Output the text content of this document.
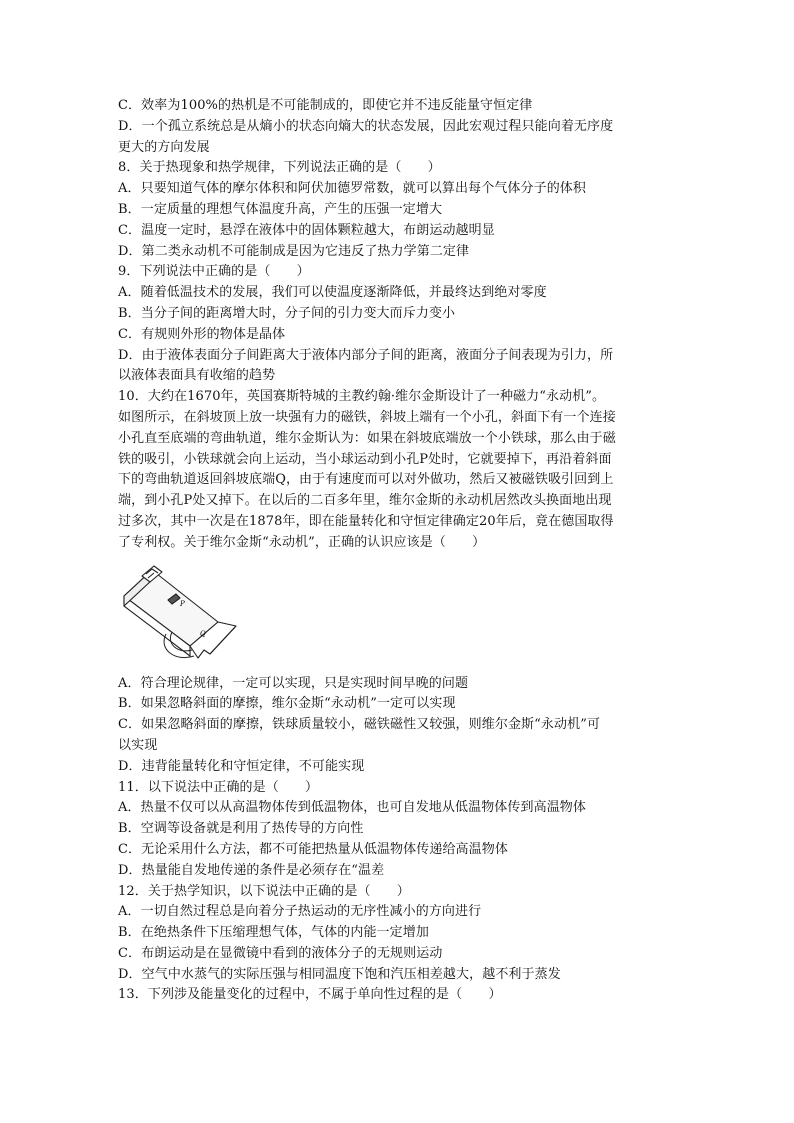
C．效率为100%的热机是不可能制成的，即使它并不违反能量守恒定律
D．一个孤立系统总是从熵小的状态向熵大的状态发展，因此宏观过程只能向着无序度
更大的方向发展
8．关于热现象和热学规律，下列说法正确的是（　　）
A．只要知道气体的摩尔体积和阿伏加德罗常数，就可以算出每个气体分子的体积
B．一定质量的理想气体温度升高，产生的压强一定增大
C．温度一定时，悬浮在液体中的固体颗粒越大，布朗运动越明显
D．第二类永动机不可能制成是因为它违反了热力学第二定律
9．下列说法中正确的是（　　）
A．随着低温技术的发展，我们可以使温度逐渐降低，并最终达到绝对零度
B．当分子间的距离增大时，分子间的引力变大而斥力变小
C．有规则外形的物体是晶体
D．由于液体表面分子间距离大于液体内部分子间的距离，液面分子间表现为引力，所
以液体表面具有收缩的趋势
10．大约在1670年，英国赛斯特城的主教约翰·维尔金斯设计了一种磁力“永动机”。
如图所示，在斜坡顶上放一块强有力的磁铁，斜坡上端有一个小孔，斜面下有一个连接
小孔直至底端的弯曲轨道，维尔金斯认为：如果在斜坡底端放一个小铁球，那么由于磁
铁的吸引，小铁球就会向上运动，当小球运动到小孔P处时，它就要掉下，再沿着斜面
下的弯曲轨道返回斜坡底端Q，由于有速度而可以对外做功，然后又被磁铁吸引回到上
端，到小孔P处又掉下。在以后的二百多年里，维尔金斯的永动机居然改头换面地出现
过多次，其中一次是在1878年，即在能量转化和守恒定律确定20年后，竟在德国取得
了专利权。关于维尔金斯“永动机”，正确的认识应该是（　　）
P
Q
A．符合理论规律，一定可以实现，只是实现时间早晚的问题
B．如果忽略斜面的摩擦，维尔金斯“永动机”一定可以实现
C．如果忽略斜面的摩擦，铁球质量较小，磁铁磁性又较强，则维尔金斯“永动机”可
以实现
D．违背能量转化和守恒定律，不可能实现
11．以下说法中正确的是（　　）
A．热量不仅可以从高温物体传到低温物体，也可自发地从低温物体传到高温物体
B．空调等设备就是利用了热传导的方向性
C．无论采用什么方法，都不可能把热量从低温物体传递给高温物体
D．热量能自发地传递的条件是必须存在“温差
12．关于热学知识，以下说法中正确的是（　　）
A．一切自然过程总是向着分子热运动的无序性减小的方向进行
B．在绝热条件下压缩理想气体，气体的内能一定增加
C．布朗运动是在显微镜中看到的液体分子的无规则运动
D．空气中水蒸气的实际压强与相同温度下饱和汽压相差越大，越不利于蒸发
13．下列涉及能量变化的过程中，不属于单向性过程的是（　　）
